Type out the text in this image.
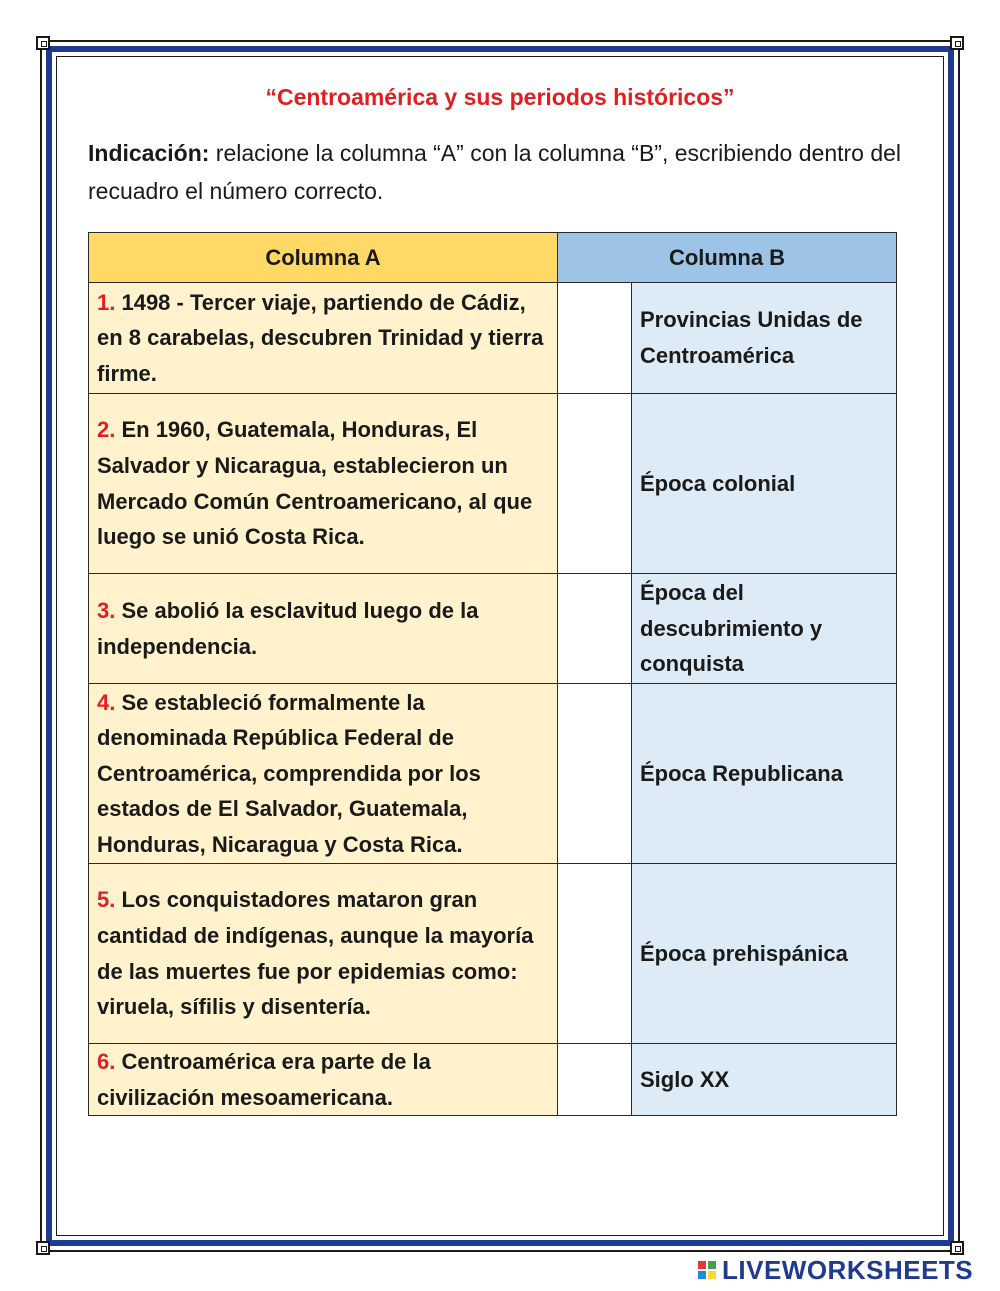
“Centroamérica y sus periodos históricos”
Indicación: relacione la columna “A” con la columna “B”, escribiendo dentro del recuadro el número correcto.
Columna A	Columna B	
1. 1498 - Tercer viaje, partiendo de Cádiz, en 8 carabelas, descubren Trinidad y tierra firme.		Provincias Unidas de Centroamérica
2. En 1960, Guatemala, Honduras, El Salvador y Nicaragua, establecieron un Mercado Común Centroamericano, al que luego se unió Costa Rica.		Época colonial
3. Se abolió la esclavitud luego de la independencia.		Época del descubrimiento y conquista
4. Se estableció formalmente la denominada República Federal de Centroamérica, comprendida por los estados de El Salvador, Guatemala, Honduras, Nicaragua y Costa Rica.		Época Republicana
5. Los conquistadores mataron gran cantidad de indígenas, aunque la mayoría de las muertes fue por epidemias como: viruela, sífilis y disentería.		Época prehispánica
6. Centroamérica era parte de la civilización mesoamericana.		Siglo XX
LIVEWORKSHEETS
